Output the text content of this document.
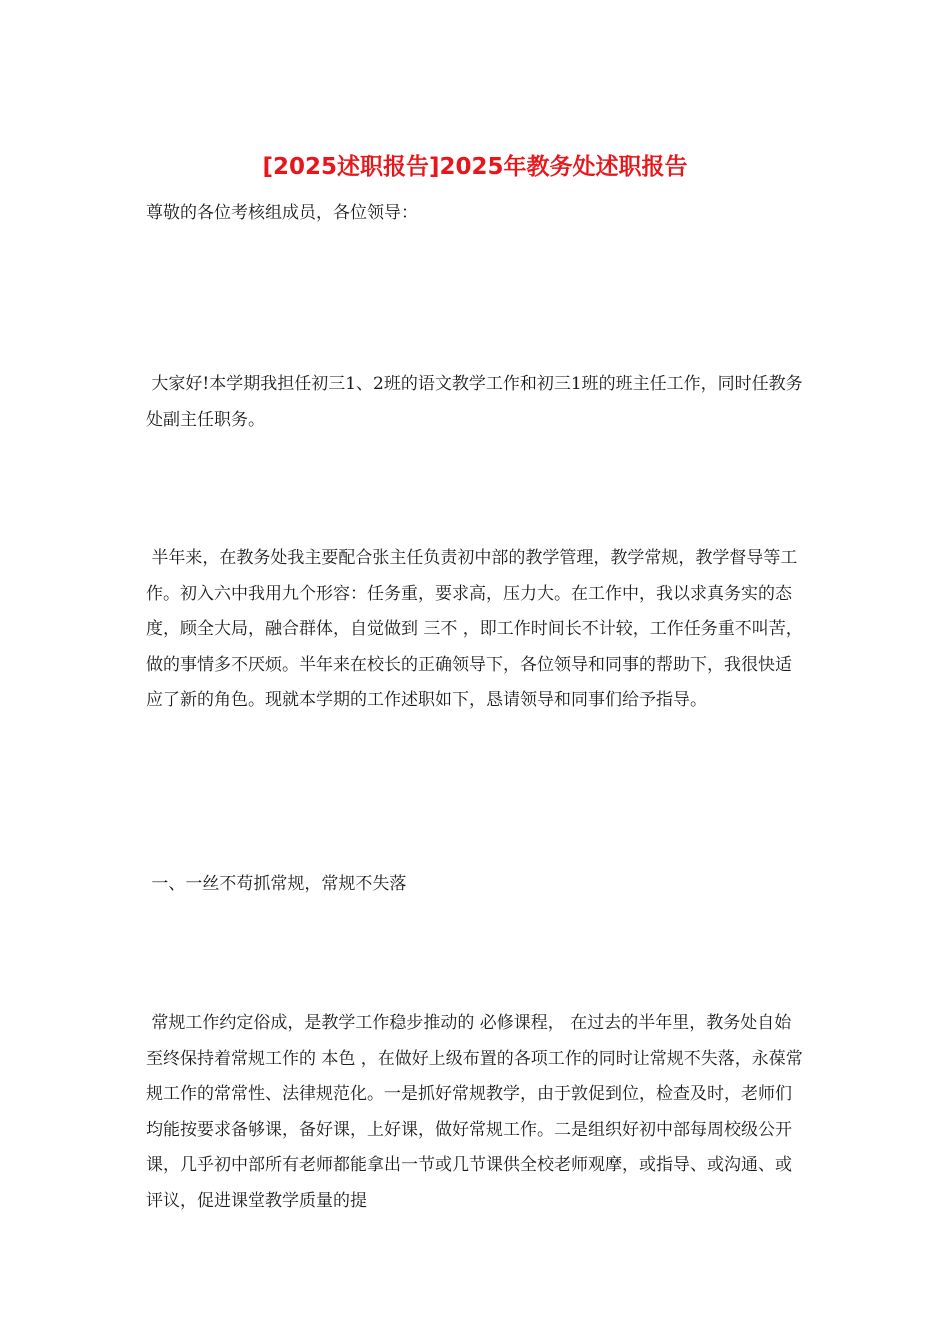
[2025述职报告]2025年教务处述职报告

尊敬的各位考核组成员，各位领导：

大家好!本学期我担任初三1、2班的语文教学工作和初三1班的班主任工作，同时任教务处副主任职务。

半年来，在教务处我主要配合张主任负责初中部的教学管理，教学常规，教学督导等工作。初入六中我用九个形容：任务重，要求高，压力大。在工作中，我以求真务实的态度，顾全大局，融合群体，自觉做到 三不 ，即工作时间长不计较，工作任务重不叫苦，做的事情多不厌烦。半年来在校长的正确领导下，各位领导和同事的帮助下，我很快适应了新的角色。现就本学期的工作述职如下，恳请领导和同事们给予指导。

一、一丝不苟抓常规，常规不失落

常规工作约定俗成，是教学工作稳步推动的 必修课程， 在过去的半年里，教务处自始至终保持着常规工作的 本色 ，在做好上级布置的各项工作的同时让常规不失落，永葆常规工作的常常性、法律规范化。一是抓好常规教学，由于敦促到位，检查及时，老师们均能按要求备够课，备好课，上好课，做好常规工作。二是组织好初中部每周校级公开课，几乎初中部所有老师都能拿出一节或几节课供全校老师观摩，或指导、或沟通、或评议，促进课堂教学质量的提
